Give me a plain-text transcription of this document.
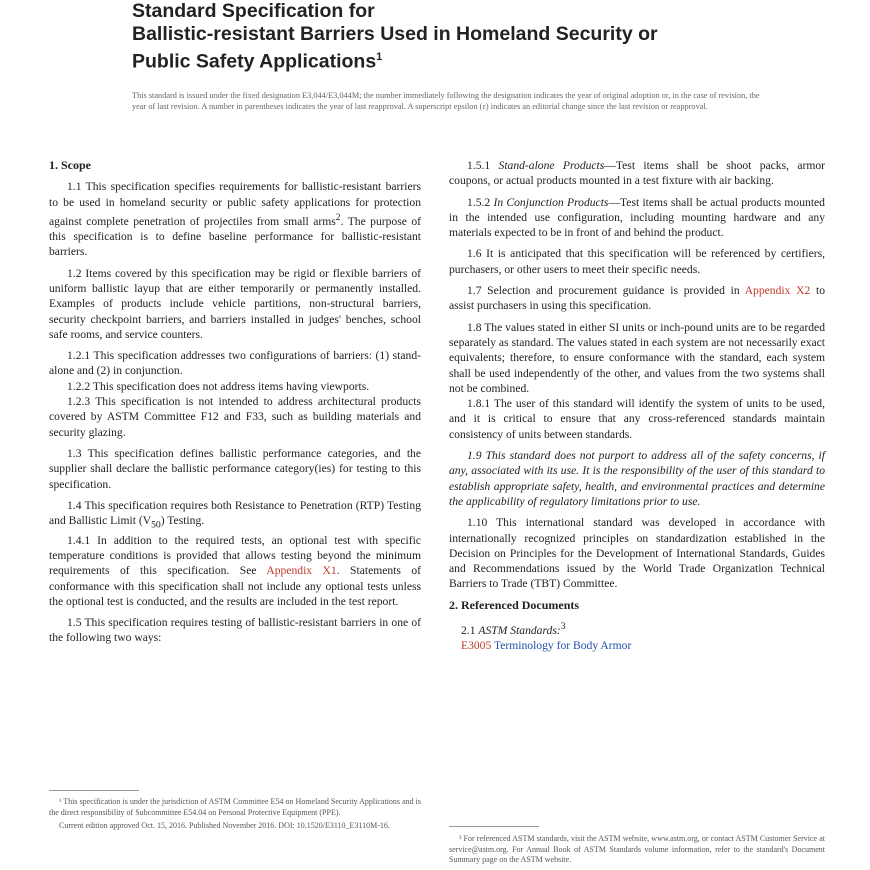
Standard Specification for
Ballistic-resistant Barriers Used in Homeland Security or
Public Safety Applications$^1$

This standard is issued under the fixed designation E3,044/E3,044M; the number immediately following the designation indicates the year of original adoption or, in the case of revision, the year of last revision. A number in parentheses indicates the year of last reapproval. A superscript epsilon (ε) indicates an editorial change since the last revision or reapproval.

1. Scope

1.1 This specification specifies requirements for ballistic-resistant barriers to be used in homeland security or public safety applications for protection against complete penetration of projectiles from small arms$^2$. The purpose of this specification is to define baseline performance for ballistic-resistant barriers.

1.2 Items covered by this specification may be rigid or flexible barriers of uniform ballistic layup that are either temporarily or permanently installed. Examples of products include vehicle partitions, non-structural barriers, security checkpoint barriers, and barriers installed in judges' benches, school safe rooms, and service counters.

1.2.1 This specification addresses two configurations of barriers: (1) stand-alone and (2) in conjunction.

1.2.2 This specification does not address items having viewports.

1.2.3 This specification is not intended to address architectural products covered by ASTM Committee F12 and F33, such as building materials and security glazing.

1.3 This specification defines ballistic performance categories, and the supplier shall declare the ballistic performance category(ies) for testing to this specification.

1.4 This specification requires both Resistance to Penetration (RTP) Testing and Ballistic Limit $(V_{50})$ Testing.

1.4.1 In addition to the required tests, an optional test with specific temperature conditions is provided that allows testing beyond the minimum requirements of this specification. See Appendix X1. Statements of conformance with this specification shall not include any optional tests unless the optional test is conducted, and the results are included in the test report.

1.5 This specification requires testing of ballistic-resistant barriers in one of the following two ways:

¹ This specification is under the jurisdiction of ASTM Committee E54 on Homeland Security Applications and is the direct responsibility of Subcommittee E54.04 on Personal Protective Equipment (PPE).

Current edition approved Oct. 15, 2016. Published November 2016. DOI: 10.1520/E3110_E3110M-16.

1.5.1 Stand-alone Products—Test items shall be shoot packs, armor coupons, or actual products mounted in a test fixture with air backing.

1.5.2 In Conjunction Products—Test items shall be actual products mounted in the intended use configuration, including mounting hardware and any materials expected to be in front of and behind the product.

1.6 It is anticipated that this specification will be referenced by certifiers, purchasers, or other users to meet their specific needs.

1.7 Selection and procurement guidance is provided in Appendix X2 to assist purchasers in using this specification.

1.8 The values stated in either SI units or inch-pound units are to be regarded separately as standard. The values stated in each system are not necessarily exact equivalents; therefore, to ensure conformance with the standard, each system shall be used independently of the other, and values from the two systems shall not be combined.

1.8.1 The user of this standard will identify the system of units to be used, and it is critical to ensure that any cross-referenced standards maintain consistency of units between standards.

1.9 This standard does not purport to address all of the safety concerns, if any, associated with its use. It is the responsibility of the user of this standard to establish appropriate safety, health, and environmental practices and determine the applicability of regulatory limitations prior to use.

1.10 This international standard was developed in accordance with internationally recognized principles on standardization established in the Decision on Principles for the Development of International Standards, Guides and Recommendations issued by the World Trade Organization Technical Barriers to Trade (TBT) Committee.

2. Referenced Documents

2.1 ASTM Standards:$^3$

E3005 Terminology for Body Armor

³ For referenced ASTM standards, visit the ASTM website, www.astm.org, or contact ASTM Customer Service at service@astm.org. For Annual Book of ASTM Standards volume information, refer to the standard's Document Summary page on the ASTM website.
